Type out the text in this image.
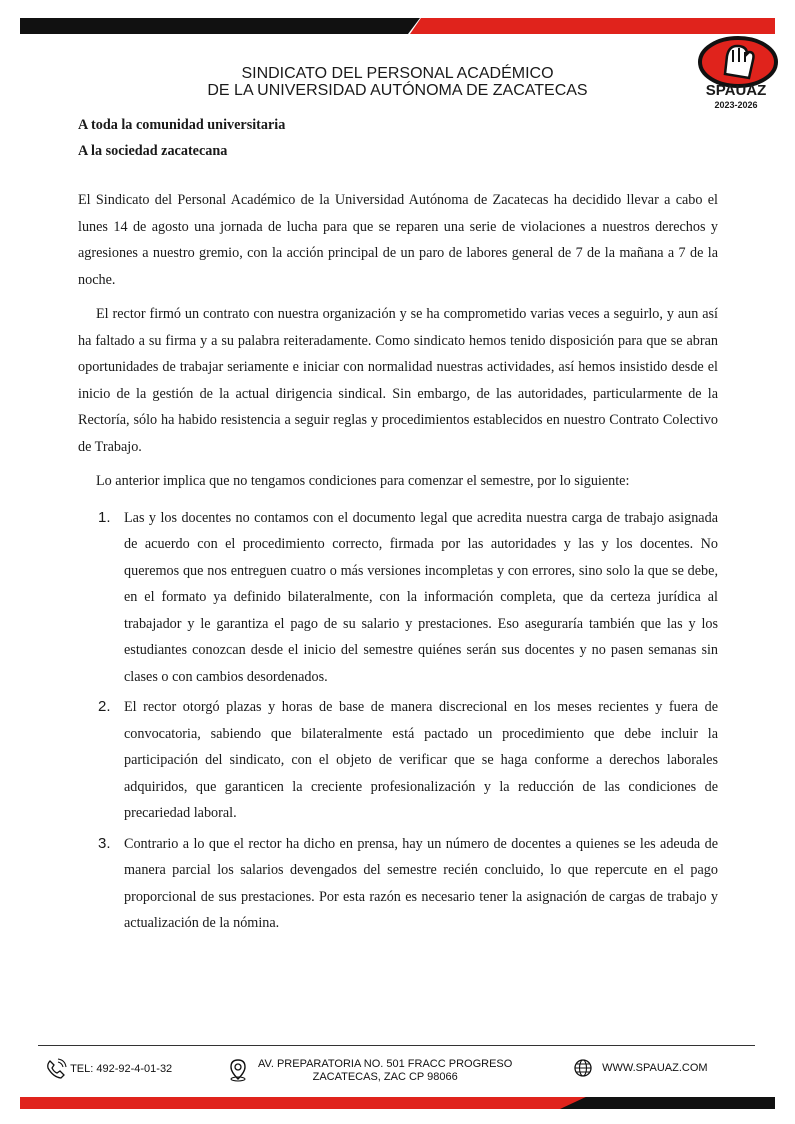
SINDICATO DEL PERSONAL ACADÉMICO
DE LA UNIVERSIDAD AUTÓNOMA DE ZACATECAS	SPAUAZ
2023-2026
A toda la comunidad universitaria
A la sociedad zacatecana

El Sindicato del Personal Académico de la Universidad Autónoma de Zacatecas ha decidido llevar a cabo el lunes 14 de agosto una jornada de lucha para que se reparen una serie de violaciones a nuestros derechos y agresiones a nuestro gremio, con la acción principal de un paro de labores general de 7 de la mañana a 7 de la noche.

El rector firmó un contrato con nuestra organización y se ha comprometido varias veces a seguirlo, y aun así ha faltado a su firma y a su palabra reiteradamente. Como sindicato hemos tenido disposición para que se abran oportunidades de trabajar seriamente e iniciar con normalidad nuestras actividades, así hemos insistido desde el inicio de la gestión de la actual dirigencia sindical. Sin embargo, de las autoridades, particularmente de la Rectoría, sólo ha habido resistencia a seguir reglas y procedimientos establecidos en nuestro Contrato Colectivo de Trabajo.

Lo anterior implica que no tengamos condiciones para comenzar el semestre, por lo siguiente:

1. Las y los docentes no contamos con el documento legal que acredita nuestra carga de trabajo asignada de acuerdo con el procedimiento correcto, firmada por las autoridades y las y los docentes. No queremos que nos entreguen cuatro o más versiones incompletas y con errores, sino solo la que se debe, en el formato ya definido bilateralmente, con la información completa, que da certeza jurídica al trabajador y le garantiza el pago de su salario y prestaciones. Eso aseguraría también que las y los estudiantes conozcan desde el inicio del semestre quiénes serán sus docentes y no pasen semanas sin clases o con cambios desordenados.
2. El rector otorgó plazas y horas de base de manera discrecional en los meses recientes y fuera de convocatoria, sabiendo que bilateralmente está pactado un procedimiento que debe incluir la participación del sindicato, con el objeto de verificar que se haga conforme a derechos laborales adquiridos, que garanticen la creciente profesionalización y la reducción de las condiciones de precariedad laboral.
3. Contrario a lo que el rector ha dicho en prensa, hay un número de docentes a quienes se les adeuda de manera parcial los salarios devengados del semestre recién concluido, lo que repercute en el pago proporcional de sus prestaciones. Por esta razón es necesario tener la asignación de cargas de trabajo y actualización de la nómina.
TEL: 492-92-4-01-32	AV. PREPARATORIA NO. 501 FRACC PROGRESO
ZACATECAS, ZAC CP 98066
WWW.SPAUAZ.COM
